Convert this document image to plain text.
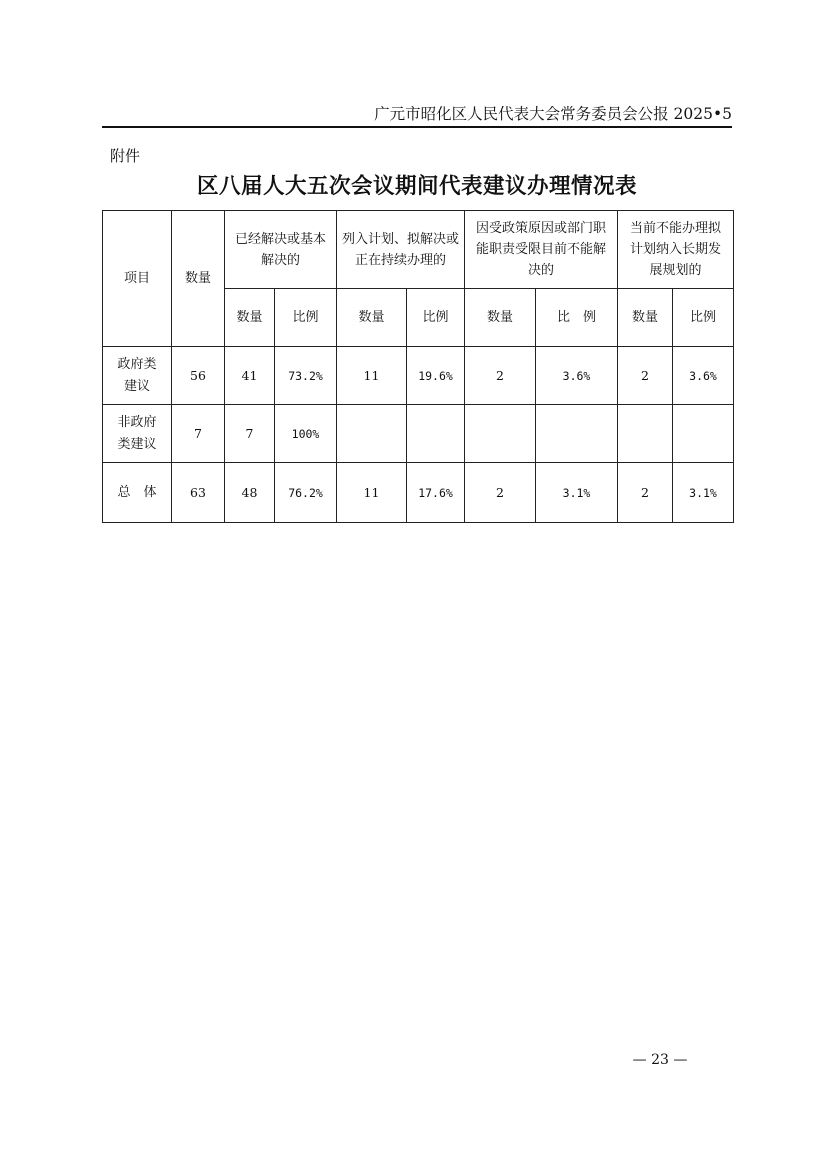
广元市昭化区人民代表大会常务委员会公报 2025•5
附件
区八届人大五次会议期间代表建议办理情况表
项目	数量	已经解决或基本解决的		列入计划、拟解决或正在持续办理的		因受政策原因或部门职能职责受限目前不能解决的		当前不能办理拟计划纳入长期发展规划的	

		数量	比例	数量	比例	数量	比　例	数量	比例

政府类建议	56	41	73.2%	11	19.6%	2	3.6%	2	3.6%

非政府类建议	7	7	100%						
总　体	63	48	76.2%	11	17.6%	2	3.1%	2	3.1%
— 23 —
